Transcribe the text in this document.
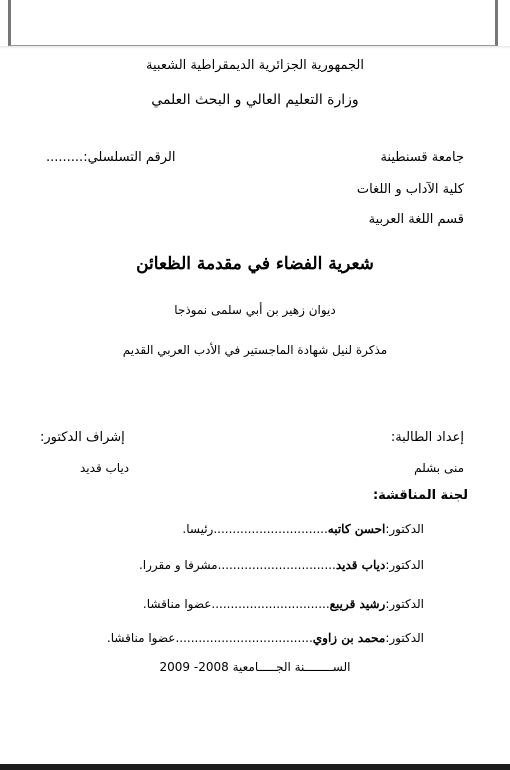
الجمهورية الجزائرية الديمقراطية الشعبية
وزارة التعليم العالي و البحث العلمي
جامعة قسنطينة
الرقم التسلسلي:.........
كلية الآداب و اللغات
قسم اللغة العربية
شعرية الفضاء في مقدمة الظعائن
ديوان زهير بن أبي سلمى نموذجا
مذكرة لنيل شهادة الماجستير في الأدب العربي القديم
إعداد الطالبة:
إشراف الدكتور:
منى بشلم
دياب قديد
لجنة المناقشة:
الدكتور:احسن كاتبه..............................رئيسا.
الدكتور:دياب قديد...............................مشرفا و مقررا.
الدكتور:رشيد قريبع...............................عضوا مناقشا.
الدكتور:محمد بن زاوي....................................عضوا مناقشا.
الســــــــنة الجـــــامعية 2008- 2009
